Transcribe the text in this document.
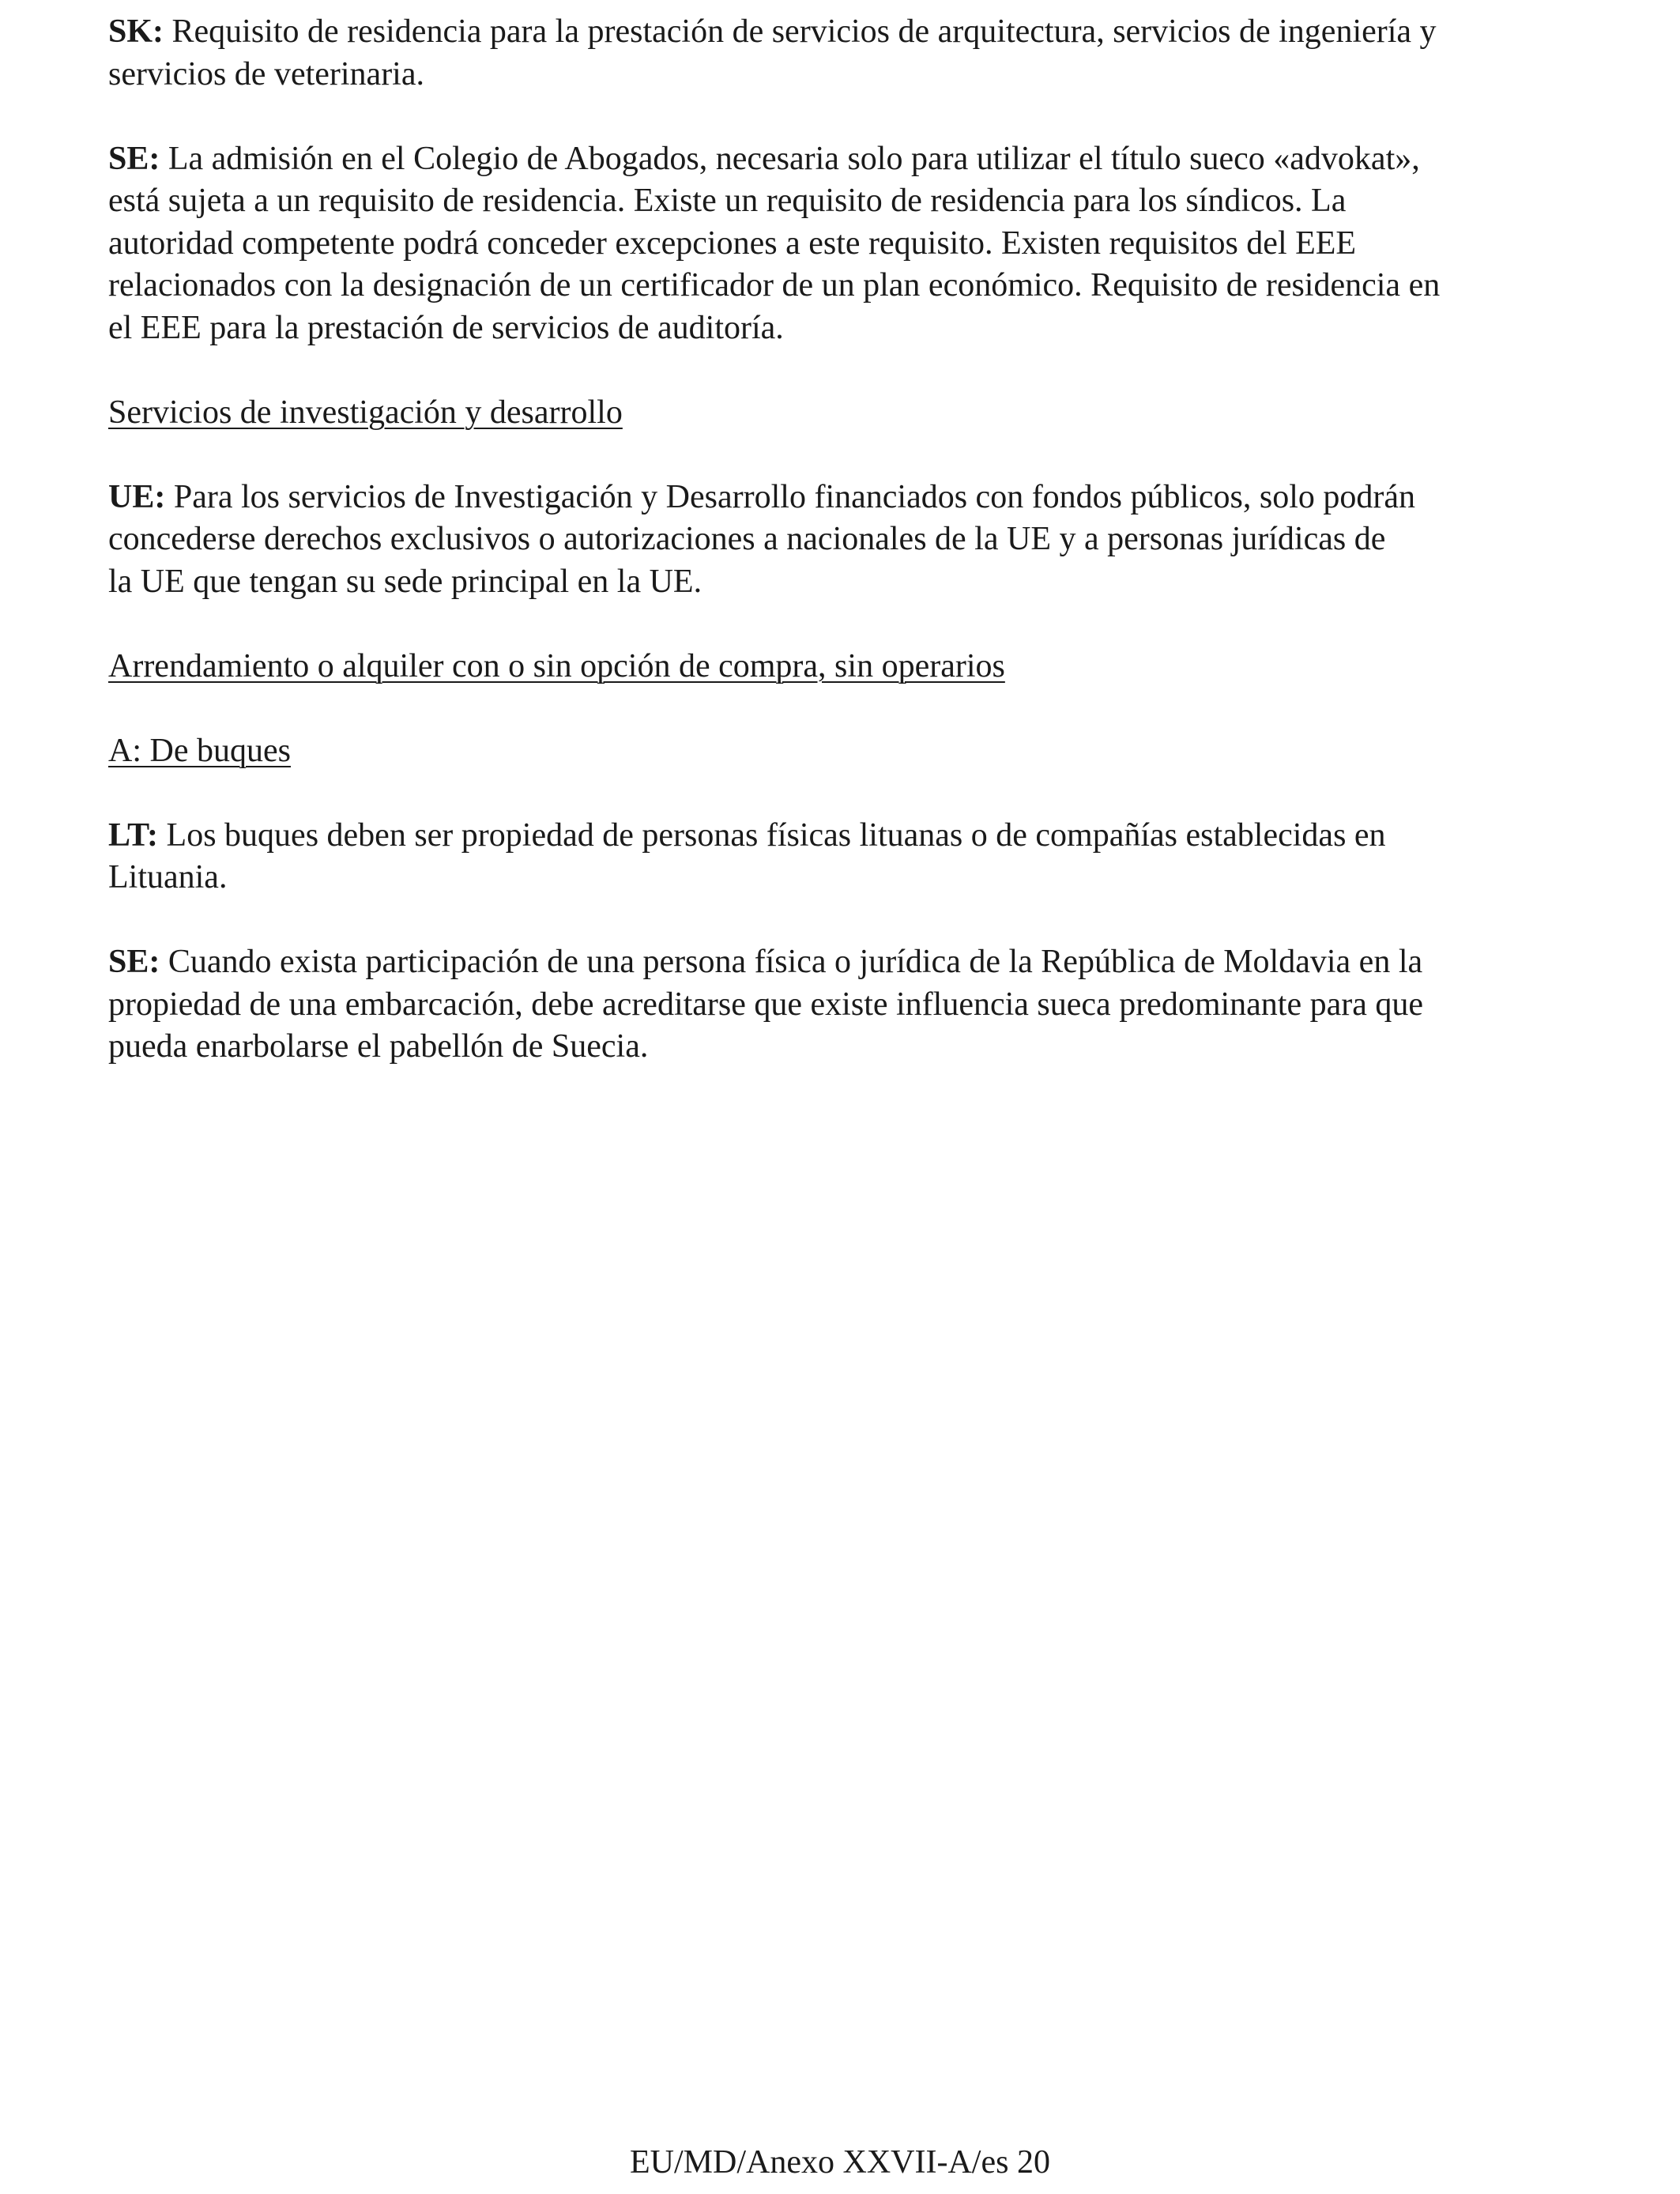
SK: Requisito de residencia para la prestación de servicios de arquitectura, servicios de ingeniería y
servicios de veterinaria.
SE: La admisión en el Colegio de Abogados, necesaria solo para utilizar el título sueco «advokat»,
está sujeta a un requisito de residencia. Existe un requisito de residencia para los síndicos. La
autoridad competente podrá conceder excepciones a este requisito. Existen requisitos del EEE
relacionados con la designación de un certificador de un plan económico. Requisito de residencia en
el EEE para la prestación de servicios de auditoría.
Servicios de investigación y desarrollo
UE: Para los servicios de Investigación y Desarrollo financiados con fondos públicos, solo podrán
concederse derechos exclusivos o autorizaciones a nacionales de la UE y a personas jurídicas de
la UE que tengan su sede principal en la UE.
Arrendamiento o alquiler con o sin opción de compra, sin operarios
A: De buques
LT: Los buques deben ser propiedad de personas físicas lituanas o de compañías establecidas en
Lituania.
SE: Cuando exista participación de una persona física o jurídica de la República de Moldavia en la
propiedad de una embarcación, debe acreditarse que existe influencia sueca predominante para que
pueda enarbolarse el pabellón de Suecia.
EU/MD/Anexo XXVII-A/es 20
